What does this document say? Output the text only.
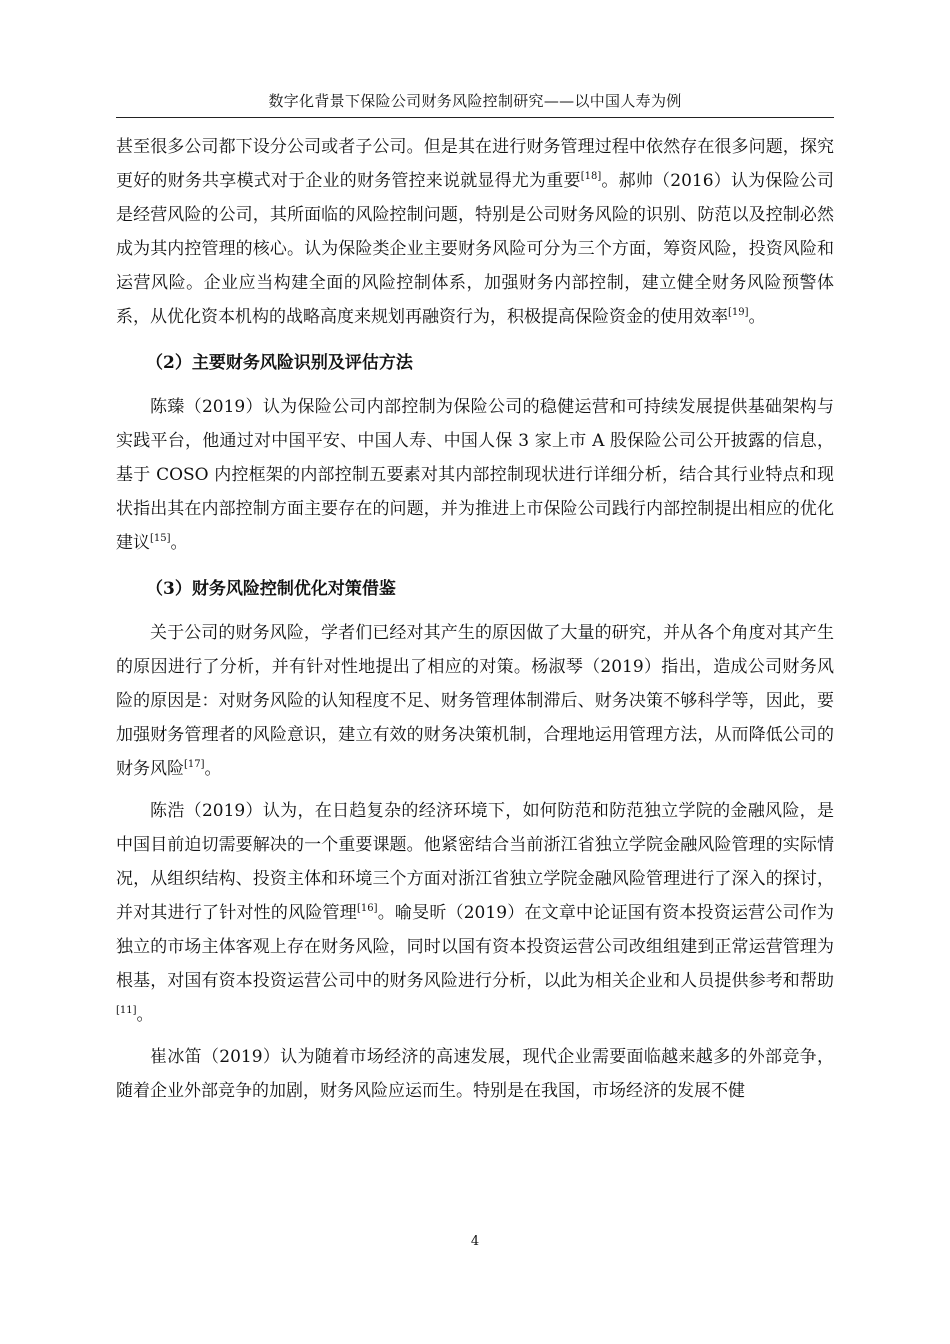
数字化背景下保险公司财务风险控制研究——以中国人寿为例

甚至很多公司都下设分公司或者子公司。但是其在进行财务管理过程中依然存在很多问题，探究更好的财务共享模式对于企业的财务管控来说就显得尤为重要[18]。郝帅（2016）认为保险公司是经营风险的公司，其所面临的风险控制问题，特别是公司财务风险的识别、防范以及控制必然成为其内控管理的核心。认为保险类企业主要财务风险可分为三个方面，筹资风险，投资风险和运营风险。企业应当构建全面的风险控制体系，加强财务内部控制，建立健全财务风险预警体系，从优化资本机构的战略高度来规划再融资行为，积极提高保险资金的使用效率[19]。

（2）主要财务风险识别及评估方法

陈臻（2019）认为保险公司内部控制为保险公司的稳健运营和可持续发展提供基础架构与实践平台，他通过对中国平安、中国人寿、中国人保 3 家上市 A 股保险公司公开披露的信息，基于 COSO 内控框架的内部控制五要素对其内部控制现状进行详细分析，结合其行业特点和现状指出其在内部控制方面主要存在的问题，并为推进上市保险公司践行内部控制提出相应的优化建议[15]。

（3）财务风险控制优化对策借鉴

关于公司的财务风险，学者们已经对其产生的原因做了大量的研究，并从各个角度对其产生的原因进行了分析，并有针对性地提出了相应的对策。杨淑琴（2019）指出，造成公司财务风险的原因是：对财务风险的认知程度不足、财务管理体制滞后、财务决策不够科学等，因此，要加强财务管理者的风险意识，建立有效的财务决策机制，合理地运用管理方法，从而降低公司的财务风险[17]。

陈浩（2019）认为，在日趋复杂的经济环境下，如何防范和防范独立学院的金融风险，是中国目前迫切需要解决的一个重要课题。他紧密结合当前浙江省独立学院金融风险管理的实际情况，从组织结构、投资主体和环境三个方面对浙江省独立学院金融风险管理进行了深入的探讨，并对其进行了针对性的风险管理[16]。喻旻昕（2019）在文章中论证国有资本投资运营公司作为独立的市场主体客观上存在财务风险，同时以国有资本投资运营公司改组组建到正常运营管理为根基，对国有资本投资运营公司中的财务风险进行分析，以此为相关企业和人员提供参考和帮助[11]。

崔冰笛（2019）认为随着市场经济的高速发展，现代企业需要面临越来越多的外部竞争，随着企业外部竞争的加剧，财务风险应运而生。特别是在我国，市场经济的发展不健

4
